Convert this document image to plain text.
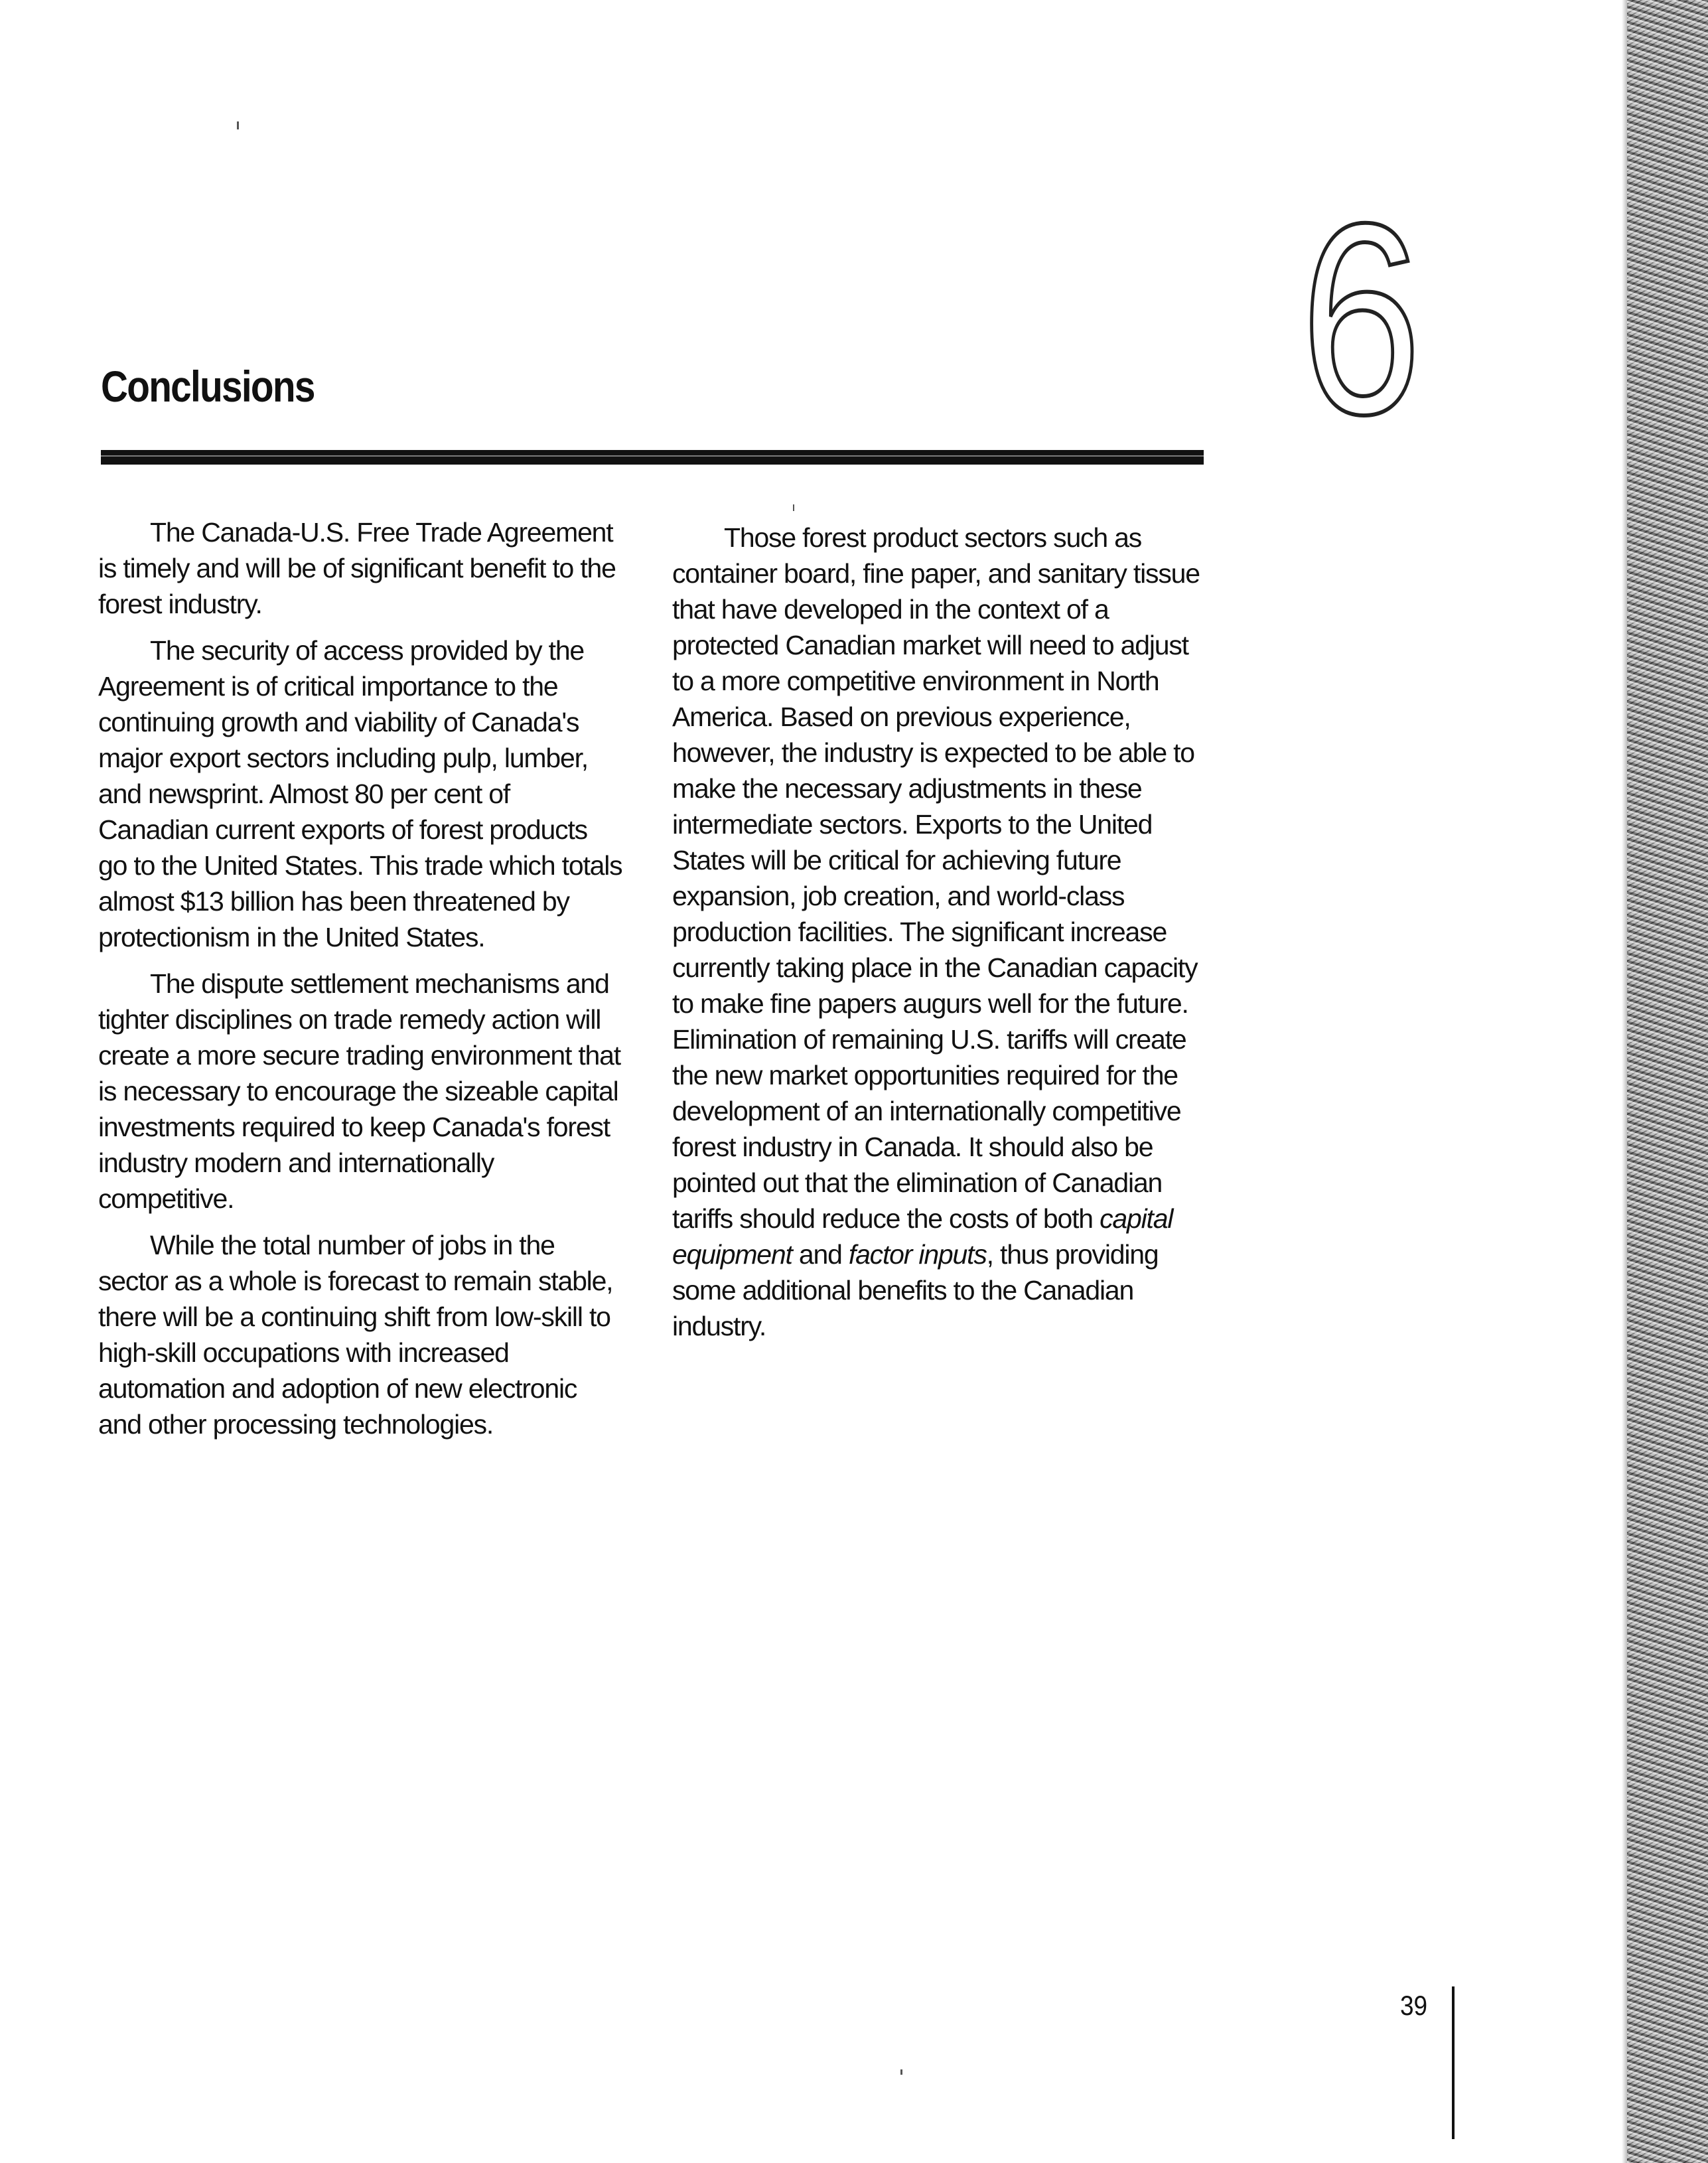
Conclusions	6

The Canada-U.S. Free Trade Agreement is timely and will be of significant benefit to the forest industry.

The security of access provided by the Agreement is of critical importance to the continuing growth and viability of Canada's major export sectors including pulp, lumber, and newsprint. Almost 80 per cent of Canadian current exports of forest products go to the United States. This trade which totals almost $13 billion has been threatened by protectionism in the United States.

The dispute settlement mechanisms and tighter disciplines on trade remedy action will create a more secure trading environment that is necessary to encourage the sizeable capital investments required to keep Canada's forest industry modern and internationally competitive.

While the total number of jobs in the sector as a whole is forecast to remain stable, there will be a continuing shift from low-skill to high-skill occupations with increased automation and adoption of new electronic and other processing technologies.

Those forest product sectors such as container board, fine paper, and sanitary tissue that have developed in the context of a protected Canadian market will need to adjust to a more competitive environment in North America. Based on previous experience, however, the industry is expected to be able to make the necessary adjustments in these intermediate sectors. Exports to the United States will be critical for achieving future expansion, job creation, and world-class production facilities. The significant increase currently taking place in the Canadian capacity to make fine papers augurs well for the future. Elimination of remaining U.S. tariffs will create the new market opportunities required for the development of an internationally competitive forest industry in Canada. It should also be pointed out that the elimination of Canadian tariffs should reduce the costs of both capital equipment and factor inputs, thus providing some additional benefits to the Canadian industry.

39
